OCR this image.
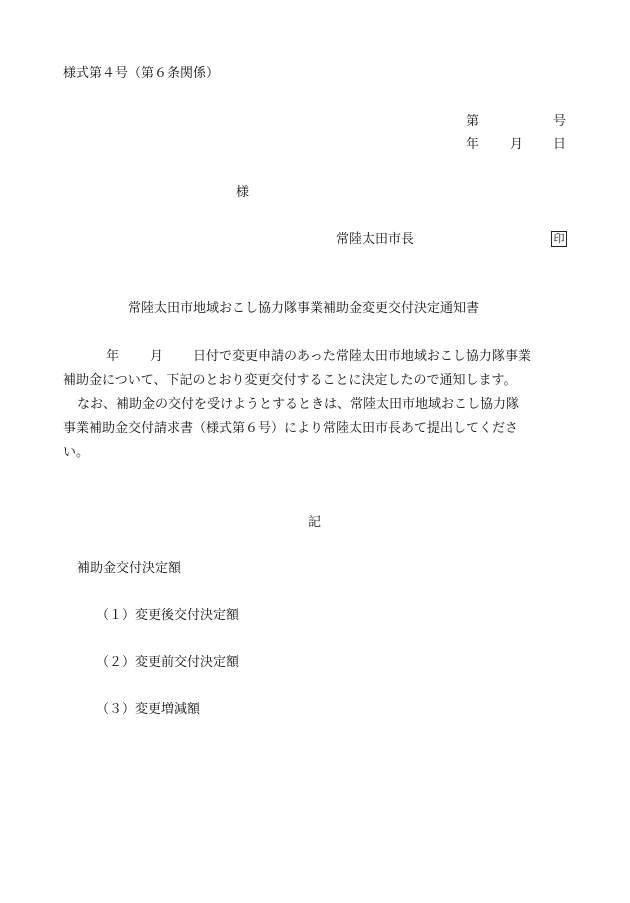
様式第４号（第６条関係）
第	号
年 月 日
様
常陸太田市長	印
常陸太田市地域おこし協力隊事業補助金変更交付決定通知書
年 月 日付で変更申請のあった常陸太田市地域おこし協力隊事業
補助金について、下記のとおり変更交付することに決定したので通知します。
なお、補助金の交付を受けようとするときは、常陸太田市地域おこし協力隊
事業補助金交付請求書（様式第６号）により常陸太田市長あて提出してくださ
い。
記
補助金交付決定額
（１）変更後交付決定額
（２）変更前交付決定額
（３）変更増減額
